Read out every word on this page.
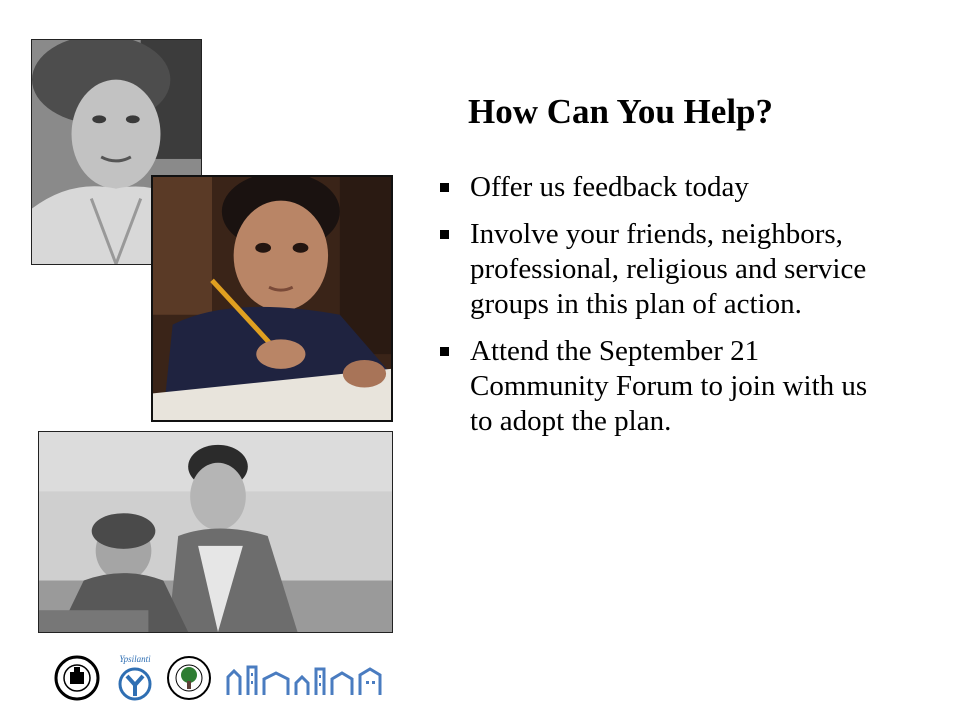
How Can You Help?
Offer us feedback today
Involve your friends, neighbors, professional, religious and service groups in this plan of action.
Attend the September 21 Community Forum to join with us to adopt the plan.
Ypsilanti
